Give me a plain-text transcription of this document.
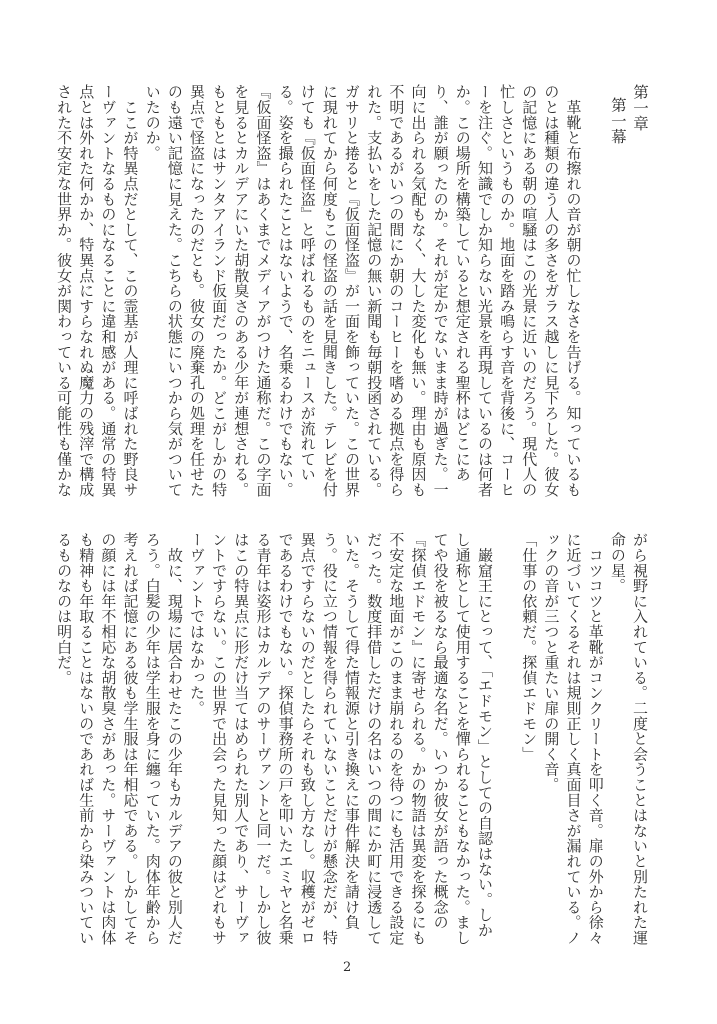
第一章
第一幕
　革靴と布擦れの音が朝の忙しなさを告げる。知っているも
のとは種類の違う人の多さをガラス越しに見下ろした。彼女
の記憶にある朝の喧騒はこの光景に近いのだろう。現代人の
忙しさというものか。地面を踏み鳴らす音を背後に、コーヒ
ーを注ぐ。知識でしか知らない光景を再現しているのは何者
か。この場所を構築していると想定される聖杯はどこにあ
り、誰が願ったのか。それが定かでないまま時が過ぎた。一
向に出られる気配もなく、大した変化も無い。理由も原因も
不明であるがいつの間にか朝のコーヒーを嗜める拠点を得ら
れた。支払いをした記憶の無い新聞も毎朝投函されている。
ガサリと捲ると『仮面怪盗』が一面を飾っていた。この世界
に現れてから何度もこの怪盗の話を見聞きした。テレビを付
けても『仮面怪盗』と呼ばれるものをニュースが流れてい
る。姿を撮られたことはないようで、名乗るわけでもない。
『仮面怪盗』はあくまでメディアがつけた通称だ。この字面
を見るとカルデアにいた胡散臭さのある少年が連想される。
もともとはサンタアイランド仮面だったか。どこがしかの特
異点で怪盗になったのだとも。彼女の廃棄孔の処理を任せた
のも遠い記憶に見えた。こちらの状態にいつから気がついて
いたのか。
　ここが特異点だとして、この霊基が人理に呼ばれた野良サ
ーヴァントなるものになることに違和感がある。通常の特異
点とは外れた何かか、特異点にすらなれぬ魔力の残滓で構成
された不安定な世界か。彼女が関わっている可能性も僅かな
がら視野に入れている。二度と会うことはないと別たれた運
命の星。
　コツコツと革靴がコンクリートを叩く音。扉の外から徐々
に近づいてくるそれは規則正しく真面目さが漏れている。ノ
ックの音が三つと重たい扉の開く音。
「仕事の依頼だ。探偵エドモン」
　巌窟王にとって、「エドモン」としての自認はない。しか
し通称として使用することを憚られることもなかった。まし
てや役を被るなら最適な名だ。いつか彼女が語った概念の
『探偵エドモン』に寄せられる。かの物語は異変を探るにも
不安定な地面がこのまま崩れるのを待つにも活用できる設定
だった。数度拝借しただけの名はいつの間にか町に浸透して
いた。そうして得た情報源と引き換えに事件解決を請け負
う。役に立つ情報を得られていないことだけが懸念だが、特
異点ですらないのだとしたらそれも致し方なし。収穫がゼロ
であるわけでもない。探偵事務所の戸を叩いたエミヤと名乗
る青年は姿形はカルデアのサーヴァントと同一だ。しかし彼
はこの特異点に形だけ当てはめられた別人であり、サーヴァ
ントですらない。この世界で出会った見知った顔はどれもサ
ーヴァントではなかった。
　故に、現場に居合わせたこの少年もカルデアの彼と別人だ
ろう。白髪の少年は学生服を身に纏っていた。肉体年齢から
考えれば記憶にある彼も学生服は年相応である。しかしてそ
の顔には年不相応な胡散臭さがあった。サーヴァントは肉体
も精神も年取ることはないのであれば生前から染みついてい
るものなのは明白だ。
2
